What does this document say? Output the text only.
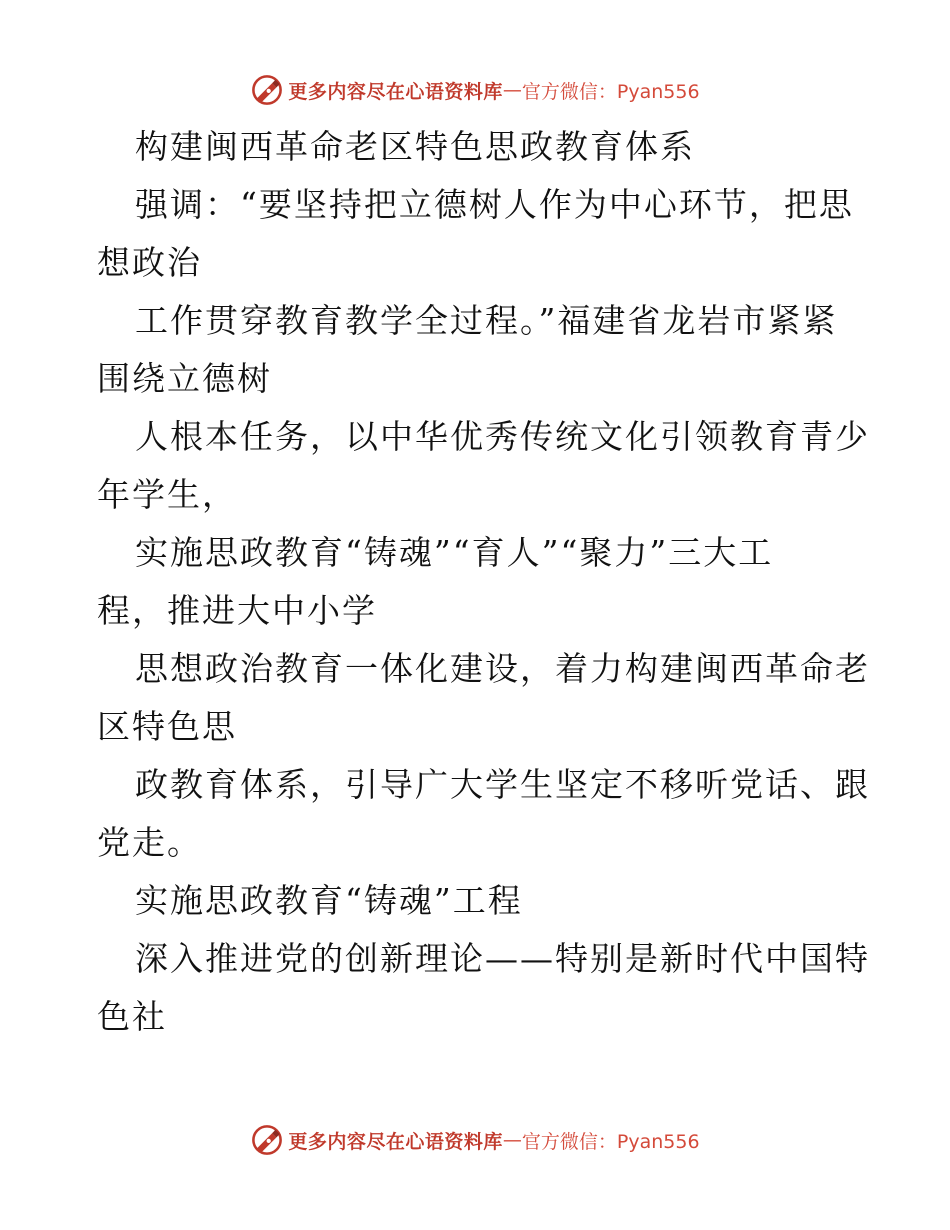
更多内容尽在心语资料库 — 官方微信：Pyan556
构建闽西革命老区特色思政教育体系
强调：“要坚持把立德树人作为中心环节，把思
想政治
工作贯穿教育教学全过程。”福建省龙岩市紧紧
围绕立德树
人根本任务，以中华优秀传统文化引领教育青少
年学生，
实施思政教育“铸魂”“育人”“聚力”三大工
程，推进大中小学
思想政治教育一体化建设，着力构建闽西革命老
区特色思
政教育体系，引导广大学生坚定不移听党话、跟
党走。
实施思政教育“铸魂”工程
深入推进党的创新理论——特别是新时代中国特
色社
更多内容尽在心语资料库 — 官方微信：Pyan556
